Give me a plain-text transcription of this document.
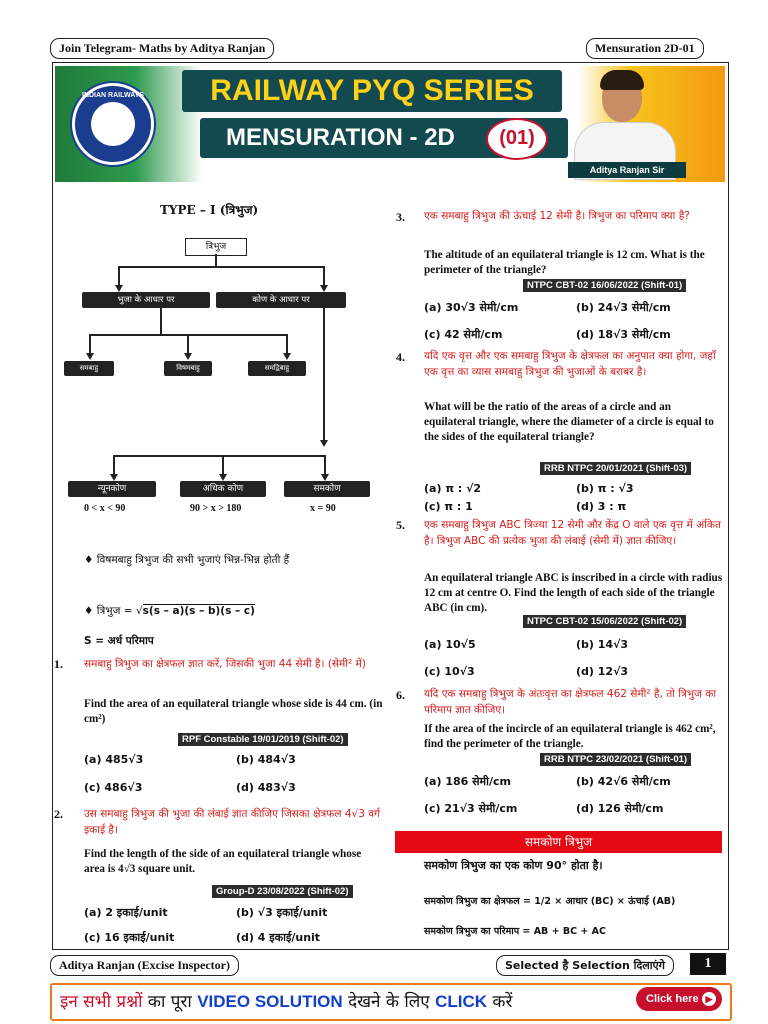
Join Telegram- Maths by Aditya Ranjan	Mensuration 2D-01
INDIAN RAILWAYS	RAILWAY PYQ SERIES
MENSURATION - 2D	(01)
Aditya Ranjan Sir
TYPE – I (त्रिभुज)
त्रिभुज
भुजा के आधार पर	कोण के आधार पर
समबाहु	विषमबाहु	समद्विबाहु
न्यूनकोण	अधिक कोण	समकोण
0 < x < 90	90 > x > 180	x = 90
♦ विषमबाहु त्रिभुज की सभी भुजाएं भिन्न-भिन्न होती हैं
♦ त्रिभुज = √s(s – a)(s – b)(s – c)
S = अर्ध परिमाप
1. समबाहु त्रिभुज का क्षेत्रफल ज्ञात करें, जिसकी भुजा 44 सेमी है। (सेमी² में)
Find the area of an equilateral triangle whose side is 44 cm. (in cm²)
RPF Constable 19/01/2019 (Shift-02)
(a) 485√3	(b) 484√3
(c) 486√3	(d) 483√3
2. उस समबाहु त्रिभुज की भुजा की लंबाई ज्ञात कीजिए जिसका क्षेत्रफल 4√3 वर्ग इकाई है।
Find the length of the side of an equilateral triangle whose area is 4√3 square unit.
Group-D 23/08/2022 (Shift-02)
(a) 2 इकाई/unit	(b) √3 इकाई/unit
(c) 16 इकाई/unit	(d) 4 इकाई/unit
3. एक समबाहु त्रिभुज की ऊंचाई 12 सेमी है। त्रिभुज का परिमाप क्या है?
The altitude of an equilateral triangle is 12 cm. What is the perimeter of the triangle?
NTPC CBT-02 16/06/2022 (Shift-01)
(a) 30√3 सेमी/cm	(b) 24√3 सेमी/cm
(c) 42 सेमी/cm	(d) 18√3 सेमी/cm
4. यदि एक वृत्त और एक समबाहु त्रिभुज के क्षेत्रफल का अनुपात क्या होगा, जहाँ एक वृत्त का व्यास समबाहु त्रिभुज की भुजाओं के बराबर है।
What will be the ratio of the areas of a circle and an equilateral triangle, where the diameter of a circle is equal to the sides of the equilateral triangle?
RRB NTPC 20/01/2021 (Shift-03)
(a) π : √2	(b) π : √3
(c) π : 1	(d) 3 : π
5. एक समबाहु त्रिभुज ABC त्रिज्या 12 सेमी और केंद्र O वाले एक वृत्त में अंकित है। त्रिभुज ABC की प्रत्येक भुजा की लंबाई (सेमी में) ज्ञात कीजिए।
An equilateral triangle ABC is inscribed in a circle with radius 12 cm at centre O. Find the length of each side of the triangle ABC (in cm).
NTPC CBT-02 15/06/2022 (Shift-02)
(a) 10√5	(b) 14√3
(c) 10√3	(d) 12√3
6. यदि एक समबाहु त्रिभुज के अंतःवृत्त का क्षेत्रफल 462 सेमी² है, तो त्रिभुज का परिमाप ज्ञात कीजिए।
If the area of the incircle of an equilateral triangle is 462 cm², find the perimeter of the triangle.
RRB NTPC 23/02/2021 (Shift-01)
(a) 186 सेमी/cm	(b) 42√6 सेमी/cm
(c) 21√3 सेमी/cm	(d) 126 सेमी/cm
समकोण त्रिभुज
समकोण त्रिभुज का एक कोण 90° होता है।
समकोण त्रिभुज का क्षेत्रफल = 1/2 × आधार (BC) × ऊंचाई (AB)
समकोण त्रिभुज का परिमाप = AB + BC + AC
Aditya Ranjan (Excise Inspector)	Selected है Selection दिलाएंगे	1
इन सभी प्रश्नों का पूरा VIDEO SOLUTION देखने के लिए CLICK करें	Click here ▶
